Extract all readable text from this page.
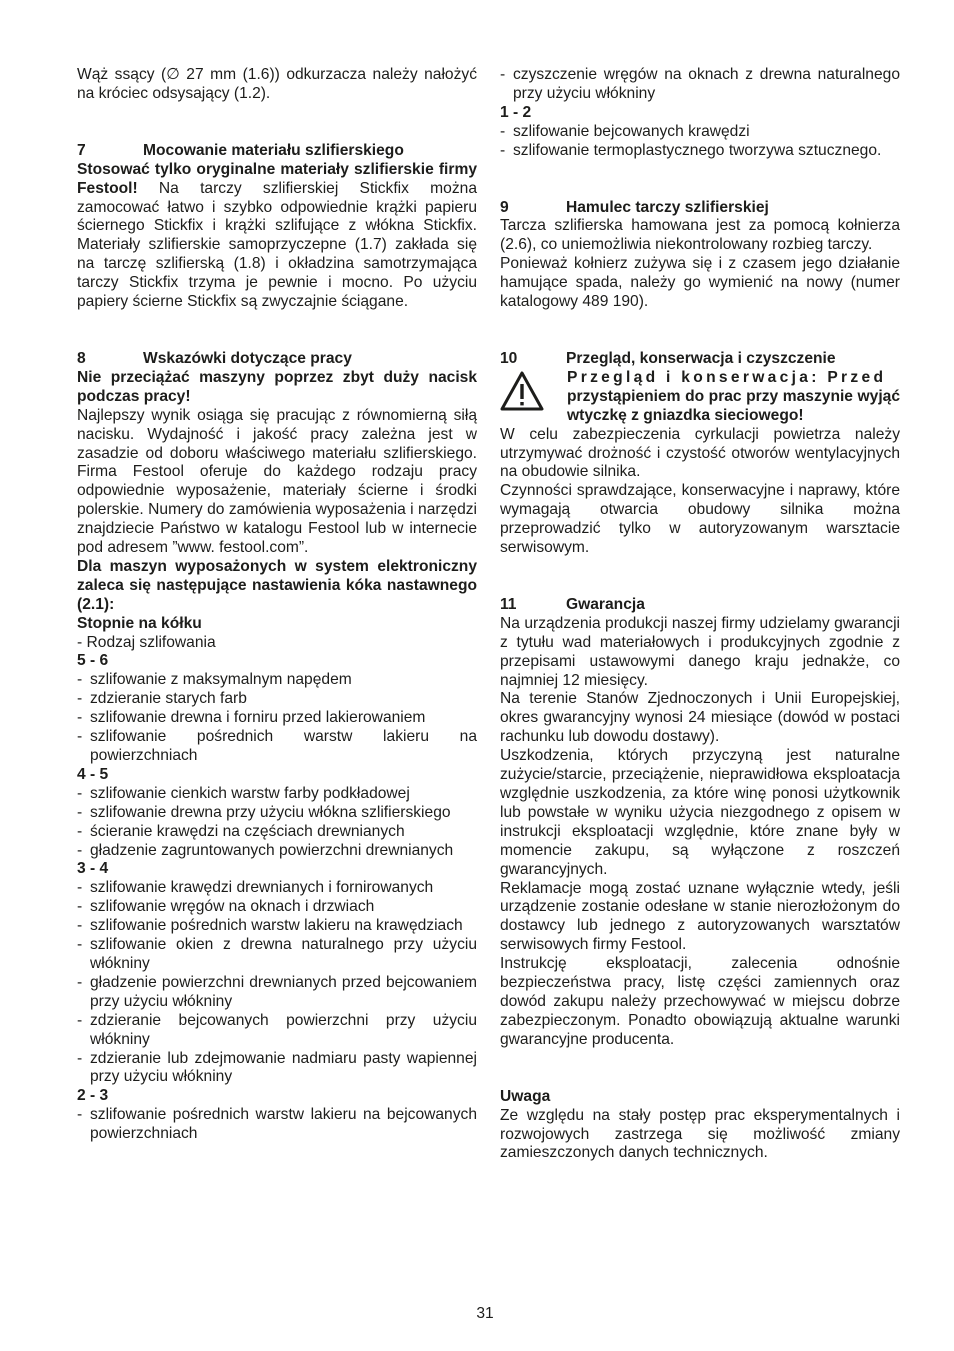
Wąż ssący (∅ 27 mm (1.6)) odkurzacza należy nałożyć na króciec odsysający (1.2).

7	Mocowanie materiału szlifierskiego

Stosować tylko oryginalne materiały szlifierskie firmy Festool! Na tarczy szlifierskiej Stickfix można zamocować łatwo i szybko odpowiednie krążki papieru ściernego Stickfix i krążki szlifujące z włókna Stickfix. Materiały szlifierskie samoprzyczepne (1.7) zakłada się na tarczę szlifierską (1.8) i okładzina samotrzymająca tarczy Stickfix trzyma je pewnie i mocno. Po użyciu papiery ścierne Stickfix są zwyczajnie ściągane.

8	Wskazówki dotyczące pracy

Nie przeciążać maszyny poprzez zbyt duży nacisk podczas pracy!

Najlepszy wynik osiąga się pracując z równomierną siłą nacisku. Wydajność i jakość pracy zależna jest w zasadzie od doboru właściwego materiału szlifierskiego. Firma Festool oferuje do każdego rodzaju pracy odpowiednie wyposażenie, materiały ścierne i środki polerskie. Numery do zamówienia wyposażenia i narzędzi znajdziecie Państwo w katalogu Festool lub w internecie pod adresem ”www. festool.com”.

Dla maszyn wyposażonych w system elektroniczny zaleca się następujące nastawienia kóka nastawnego (2.1):

Stopnie na kółku

- Rodzaj szlifowania

5 - 6

- szlifowanie z maksymalnym napędem
- zdzieranie starych farb
- szlifowanie drewna i forniru przed lakierowaniem
- szlifowanie pośrednich warstw lakieru na powierzchniach

4 - 5

- szlifowanie cienkich warstw farby podkładowej
- szlifowanie drewna przy użyciu włókna szlifierskiego
- ścieranie krawędzi na częściach drewnianych
- gładzenie zagruntowanych powierzchni drewnianych

3 - 4

- szlifowanie krawędzi drewnianych i fornirowanych
- szlifowanie wręgów na oknach i drzwiach
- szlifowanie pośrednich warstw lakieru na krawędziach
- szlifowanie okien z drewna naturalnego przy użyciu włókniny
- gładzenie powierzchni drewnianych przed bejcowaniem przy użyciu włókniny
- zdzieranie bejcowanych powierzchni przy użyciu włókniny
- zdzieranie lub zdejmowanie nadmiaru pasty wapiennej przy użyciu włókniny

2 - 3

- szlifowanie pośrednich warstw lakieru na bejcowanych powierzchniach
- czyszczenie wręgów na oknach z drewna naturalnego przy użyciu włókniny

1 - 2

- szlifowanie bejcowanych krawędzi
- szlifowanie termoplastycznego tworzywa sztucznego.
9	Hamulec tarczy szlifierskiej

Tarcza szlifierska hamowana jest za pomocą kołnierza (2.6), co uniemożliwia niekontrolowany rozbieg tarczy.

Ponieważ kołnierz zużywa się i z czasem jego działanie hamujące spada, należy go wymienić na nowy (numer katalogowy 489 190).

10	Przegląd, konserwacja i czyszczenie
Przegląd i konserwacja: Przed
przystąpieniem do prac przy maszynie wyjąć wtyczkę z gniazdka sieciowego!

W celu zabezpieczenia cyrkulacji powietrza należy utrzymywać drożność i czystość otworów wentylacyjnych na obudowie silnika.

Czynności sprawdzające, konserwacyjne i naprawy, które wymagają otwarcia obudowy silnika można przeprowadzić tylko w autoryzowanym warsztacie serwisowym.

11	Gwarancja

Na urządzenia produkcji naszej firmy udzielamy gwarancji z tytułu wad materiałowych i produkcyjnych zgodnie z przepisami ustawowymi danego kraju jednakże, co najmniej 12 miesięcy.

Na terenie Stanów Zjednoczonych i Unii Europejskiej, okres gwarancyjny wynosi 24 miesiące (dowód w postaci rachunku lub dowodu dostawy).

Uszkodzenia, których przyczyną jest naturalne zużycie/starcie, przeciążenie, nieprawidłowa eksploatacja względnie uszkodzenia, za które winę ponosi użytkownik lub powstałe w wyniku użycia niezgodnego z opisem w instrukcji eksploatacji względnie, które znane były w momencie zakupu, są wyłączone z roszczeń gwarancyjnych.

Reklamacje mogą zostać uznane wyłącznie wtedy, jeśli urządzenie zostanie odesłane w stanie nierozłożonym do dostawcy lub jednego z autoryzowanych warsztatów serwisowych firmy Festool.

Instrukcję eksploatacji, zalecenia odnośnie bezpieczeństwa pracy, listę części zamiennych oraz dowód zakupu należy przechowywać w miejscu dobrze zabezpieczonym. Ponadto obowiązują aktualne warunki gwarancyjne producenta.

Uwaga

Ze względu na stały postęp prac eksperymentalnych i rozwojowych zastrzega się możliwość zmiany zamieszczonych danych technicznych.

31
